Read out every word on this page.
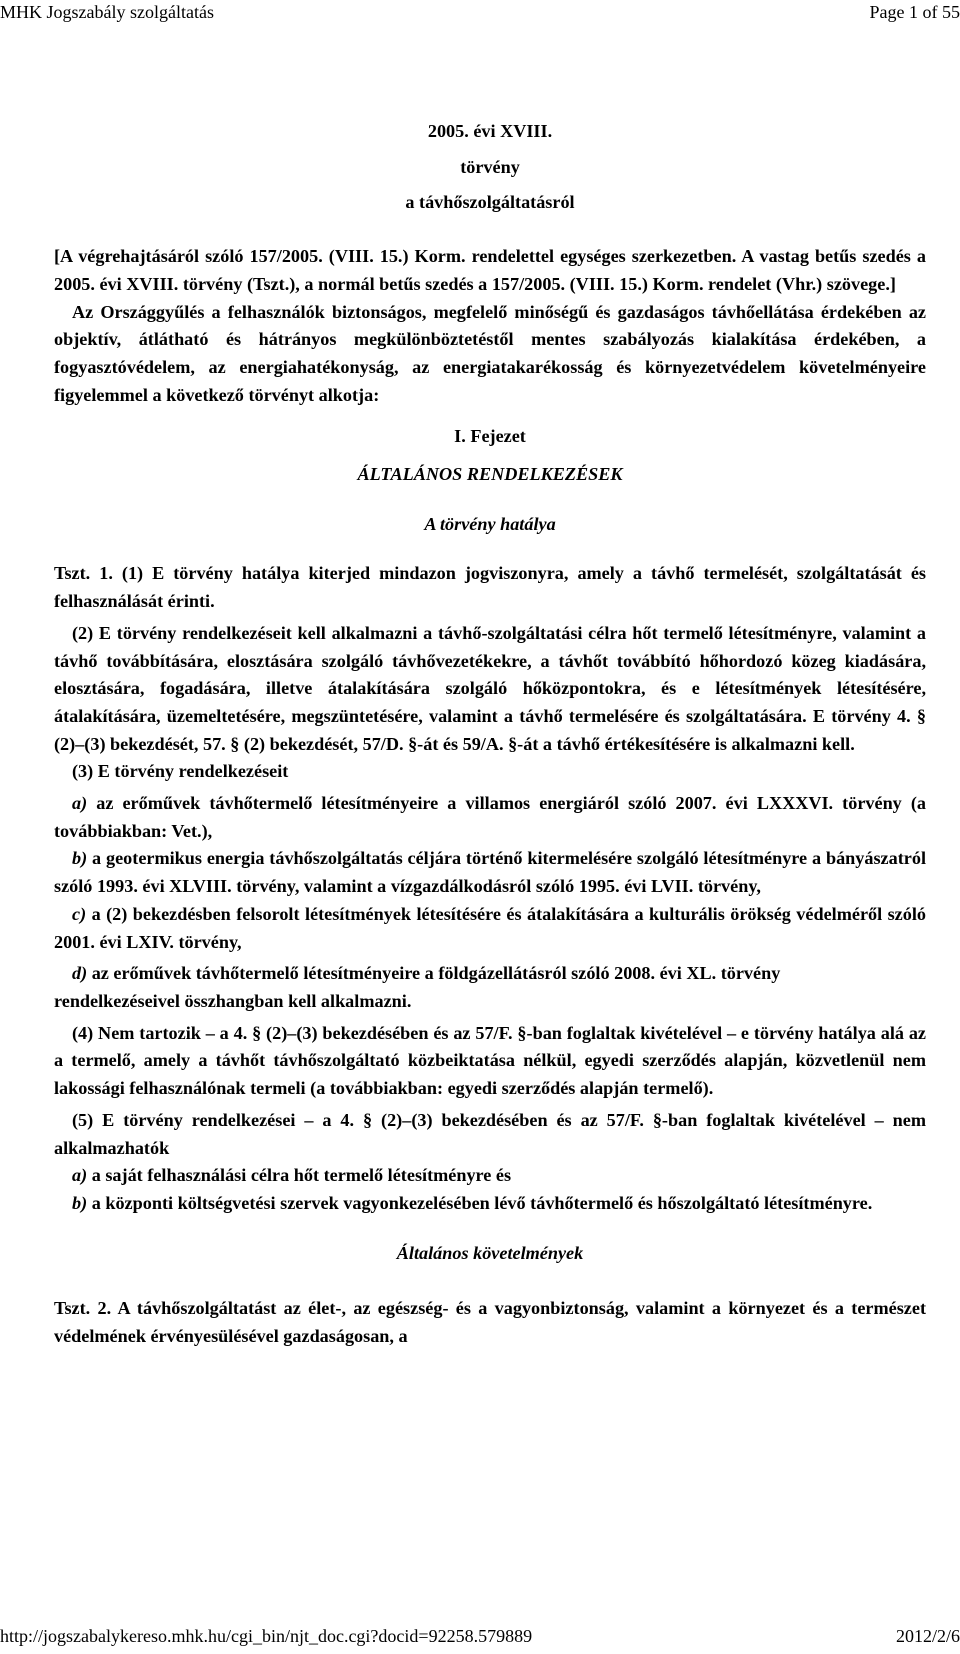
MHK Jogszabály szolgáltatás	Page 1 of 55
2005. évi XVIII.
törvény
a távhőszolgáltatásról

[A végrehajtásáról szóló 157/2005. (VIII. 15.) Korm. rendelettel egységes szerkezetben. A vastag betűs szedés a 2005. évi XVIII. törvény (Tszt.), a normál betűs szedés a 157/2005. (VIII. 15.) Korm. rendelet (Vhr.) szövege.]

Az Országgyűlés a felhasználók biztonságos, megfelelő minőségű és gazdaságos távhőellátása érdekében az objektív, átlátható és hátrányos megkülönböztetéstől mentes szabályozás kialakítása érdekében, a fogyasztóvédelem, az energiahatékonyság, az energiatakarékosság és környezetvédelem követelményeire figyelemmel a következő törvényt alkotja:

I. Fejezet
ÁLTALÁNOS RENDELKEZÉSEK
A törvény hatálya

Tszt. 1. (1) E törvény hatálya kiterjed mindazon jogviszonyra, amely a távhő termelését, szolgáltatását és felhasználását érinti.

(2) E törvény rendelkezéseit kell alkalmazni a távhő-szolgáltatási célra hőt termelő létesítményre, valamint a távhő továbbítására, elosztására szolgáló távhővezetékekre, a távhőt továbbító hőhordozó közeg kiadására, elosztására, fogadására, illetve átalakítására szolgáló hőközpontokra, és e létesítmények létesítésére, átalakítására, üzemeltetésére, megszüntetésére, valamint a távhő termelésére és szolgáltatására. E törvény 4. § (2)–(3) bekezdését, 57. § (2) bekezdését, 57/D. §-át és 59/A. §-át a távhő értékesítésére is alkalmazni kell.

(3) E törvény rendelkezéseit

a) az erőművek távhőtermelő létesítményeire a villamos energiáról szóló 2007. évi LXXXVI. törvény (a továbbiakban: Vet.),

b) a geotermikus energia távhőszolgáltatás céljára történő kitermelésére szolgáló létesítményre a bányászatról szóló 1993. évi XLVIII. törvény, valamint a vízgazdálkodásról szóló 1995. évi LVII. törvény,

c) a (2) bekezdésben felsorolt létesítmények létesítésére és átalakítására a kulturális örökség védelméről szóló 2001. évi LXIV. törvény,

d) az erőművek távhőtermelő létesítményeire a földgázellátásról szóló 2008. évi XL. törvény

rendelkezéseivel összhangban kell alkalmazni.

(4) Nem tartozik – a 4. § (2)–(3) bekezdésében és az 57/F. §-ban foglaltak kivételével – e törvény hatálya alá az a termelő, amely a távhőt távhőszolgáltató közbeiktatása nélkül, egyedi szerződés alapján, közvetlenül nem lakossági felhasználónak termeli (a továbbiakban: egyedi szerződés alapján termelő).

(5) E törvény rendelkezései – a 4. § (2)–(3) bekezdésében és az 57/F. §-ban foglaltak kivételével – nem alkalmazhatók

a) a saját felhasználási célra hőt termelő létesítményre és

b) a központi költségvetési szervek vagyonkezelésében lévő távhőtermelő és hőszolgáltató létesítményre.

Általános követelmények

Tszt. 2. A távhőszolgáltatást az élet-, az egészség- és a vagyonbiztonság, valamint a környezet és a természet védelmének érvényesülésével gazdaságosan, a

http://jogszabalykereso.mhk.hu/cgi_bin/njt_doc.cgi?docid=92258.579889	2012/2/6
